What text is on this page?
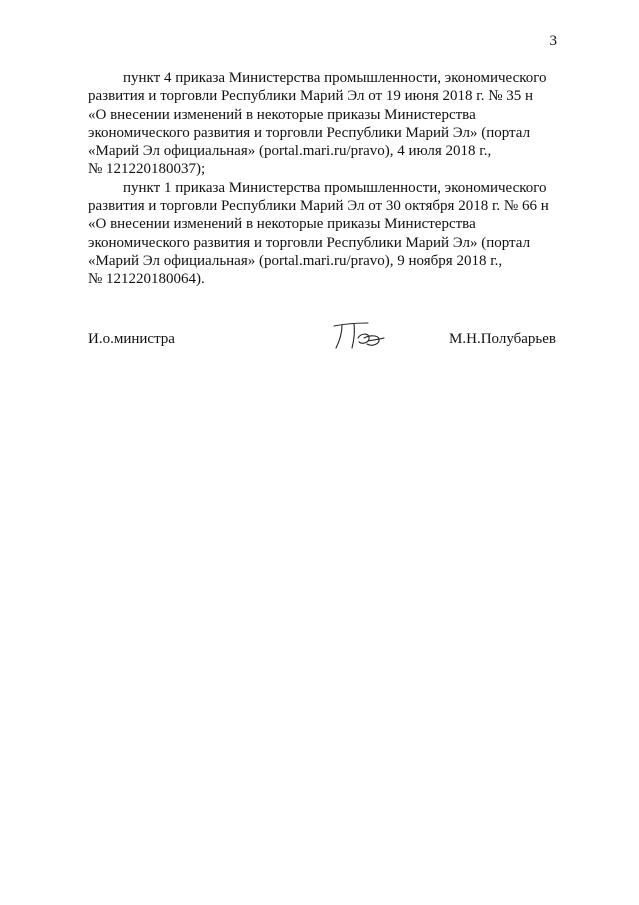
3

пункт 4 приказа Министерства промышленности, экономического
развития и торговли Республики Марий Эл от 19 июня 2018 г. № 35 н
«О внесении изменений в некоторые приказы Министерства
экономического развития и торговли Республики Марий Эл» (портал
«Марий Эл официальная» (portal.mari.ru/pravo), 4 июля 2018 г.,
№ 121220180037);

пункт 1 приказа Министерства промышленности, экономического
развития и торговли Республики Марий Эл от 30 октября 2018 г. № 66 н
«О внесении изменений в некоторые приказы Министерства
экономического развития и торговли Республики Марий Эл» (портал
«Марий Эл официальная» (portal.mari.ru/pravo), 9 ноября 2018 г.,
№ 121220180064).

И.о.министра	М.Н.Полубарьев
